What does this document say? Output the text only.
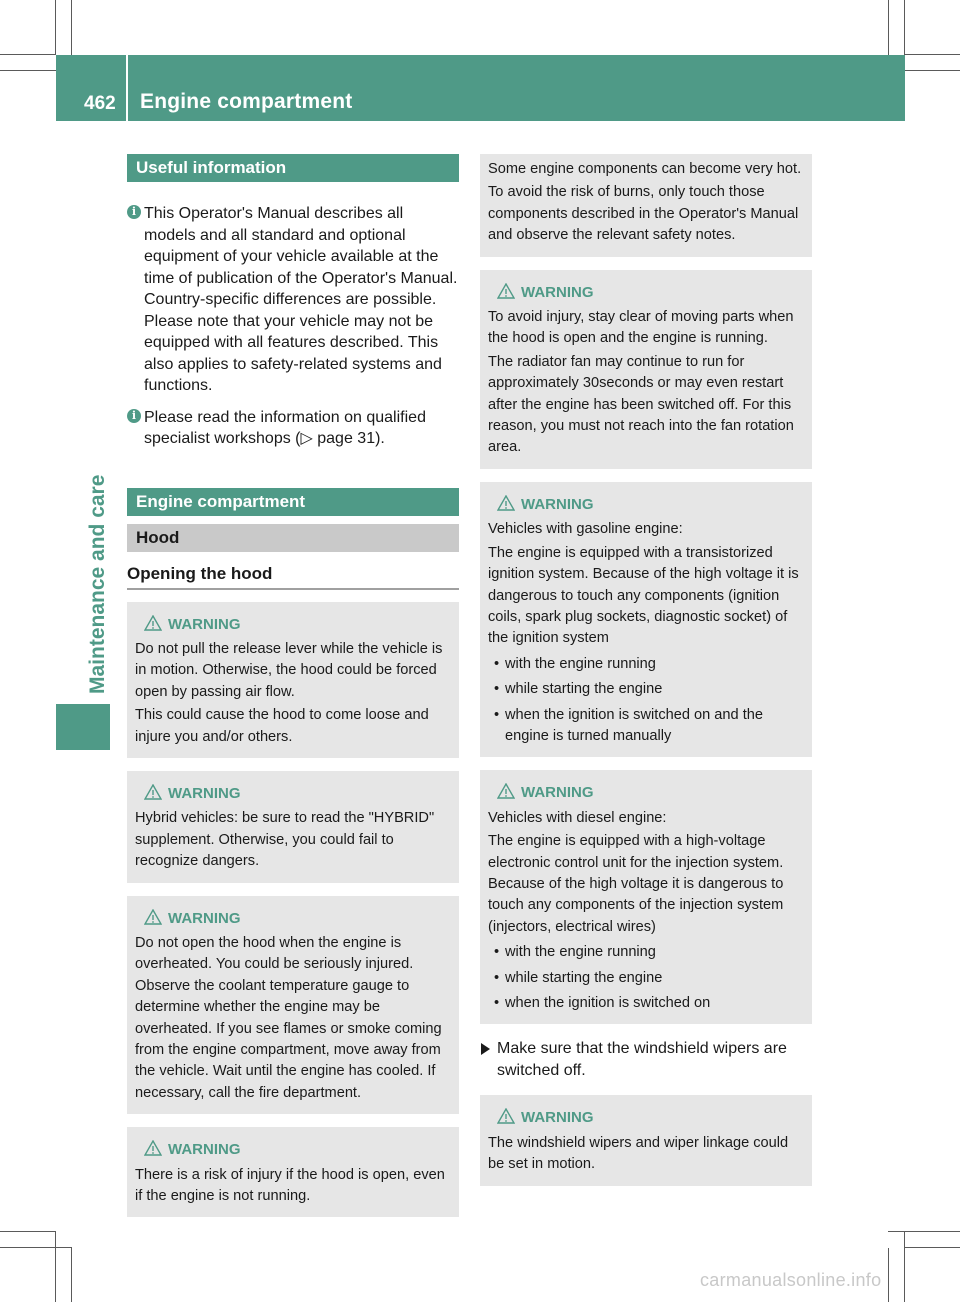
462 Engine compartment
Maintenance and care
Useful information
i This Operator's Manual describes all models and all standard and optional equipment of your vehicle available at the time of publication of the Operator's Manual. Country-specific differences are possible. Please note that your vehicle may not be equipped with all features described. This also applies to safety-related systems and functions.
i Please read the information on qualified specialist workshops (▷ page 31).
Engine compartment
Hood
Opening the hood
WARNING

Do not pull the release lever while the vehicle is in motion. Otherwise, the hood could be forced open by passing air flow.

This could cause the hood to come loose and injure you and/or others.

WARNING

Hybrid vehicles: be sure to read the "HYBRID" supplement. Otherwise, you could fail to recognize dangers.

WARNING

Do not open the hood when the engine is overheated. You could be seriously injured. Observe the coolant temperature gauge to determine whether the engine may be overheated. If you see flames or smoke coming from the engine compartment, move away from the vehicle. Wait until the engine has cooled. If necessary, call the fire department.

WARNING

There is a risk of injury if the hood is open, even if the engine is not running.

Some engine components can become very hot.

To avoid the risk of burns, only touch those components described in the Operator's Manual and observe the relevant safety notes.

WARNING

To avoid injury, stay clear of moving parts when the hood is open and the engine is running.

The radiator fan may continue to run for approximately 30seconds or may even restart after the engine has been switched off. For this reason, you must not reach into the fan rotation area.

WARNING

Vehicles with gasoline engine:

The engine is equipped with a transistorized ignition system. Because of the high voltage it is dangerous to touch any components (ignition coils, spark plug sockets, diagnostic socket) of the ignition system

• with the engine running
• while starting the engine
• when the ignition is switched on and the engine is turned manually
WARNING

Vehicles with diesel engine:

The engine is equipped with a high-voltage electronic control unit for the injection system. Because of the high voltage it is dangerous to touch any components of the injection system (injectors, electrical wires)

• with the engine running
• while starting the engine
• when the ignition is switched on
Make sure that the windshield wipers are switched off.
WARNING

The windshield wipers and wiper linkage could be set in motion.

carmanualsonline.info
